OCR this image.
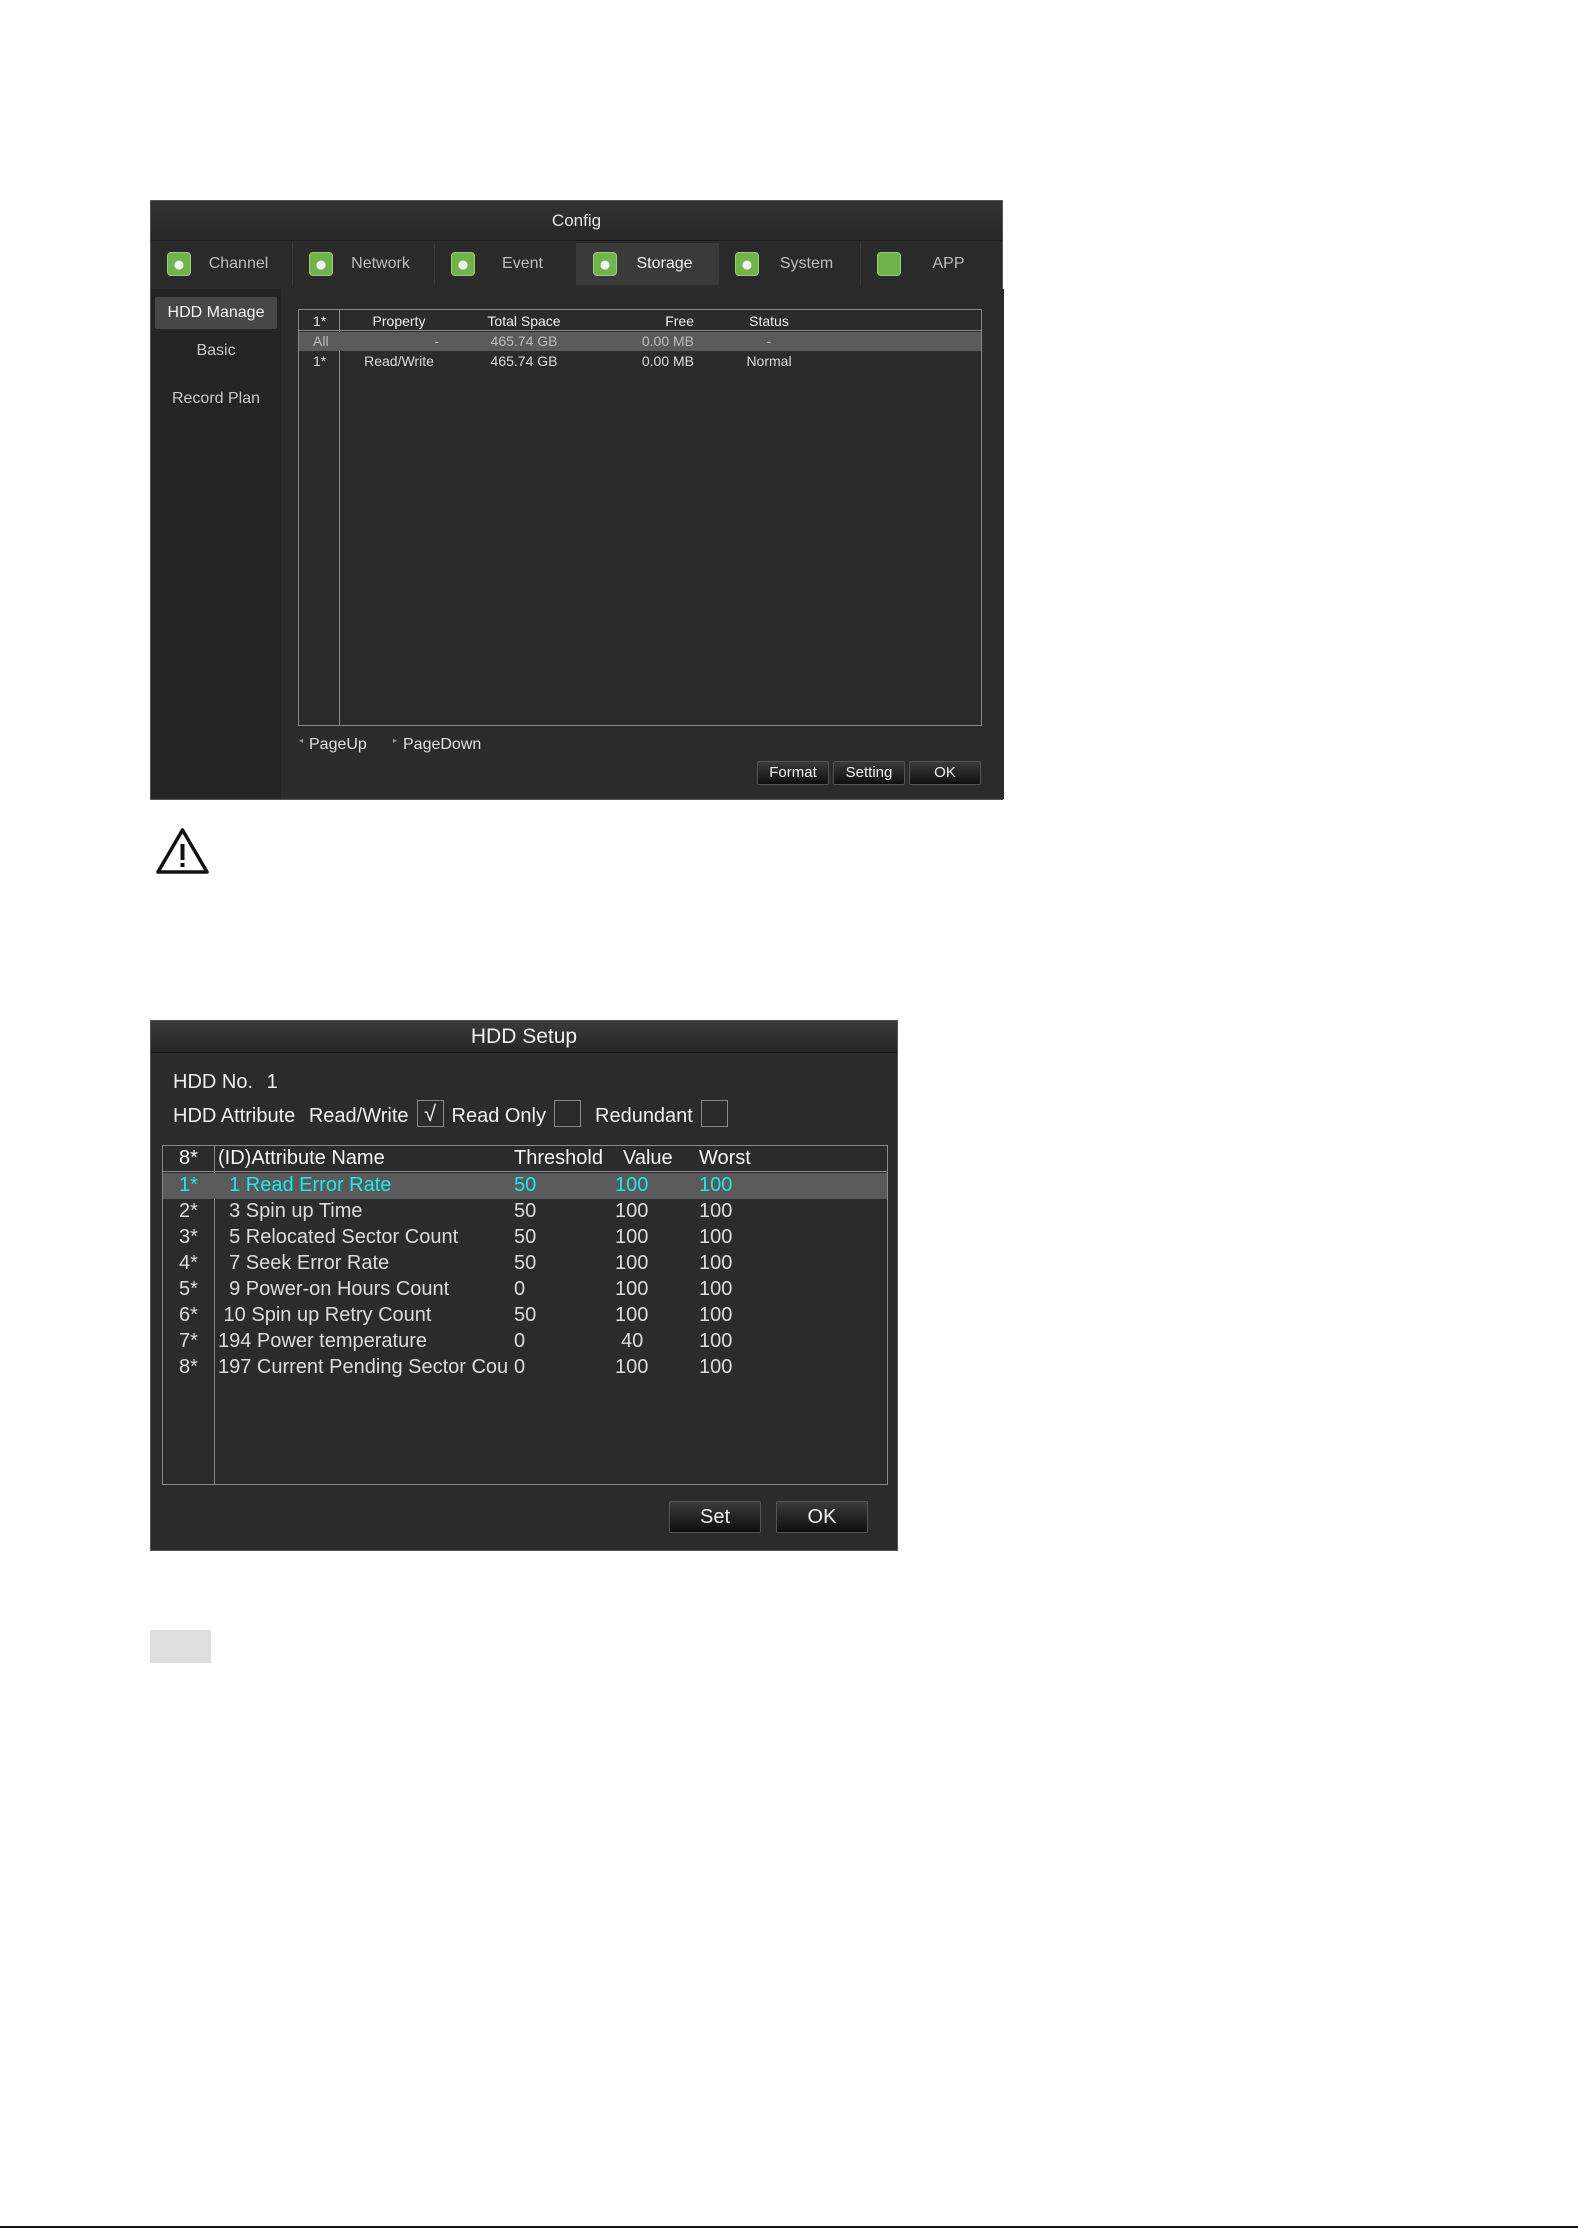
Config
Channel	Network	Event	Storage	System	APP
HDD Manage
Basic
Record Plan
1*	Property	Total Space	Free	Status
All	-	465.74 GB	0.00 MB	-
1*	Read/Write	465.74 GB	0.00 MB	Normal
◂ PageUp	▸ PageDown
Format	Setting	OK
HDD Setup
HDD No. 1
HDD Attribute Read/Write √ Read Only Redundant
8* (ID)Attribute Name	Threshold Value Worst
1* 1 Read Error Rate	50	100	100
2* 3 Spin up Time	50	100	100
3* 5 Relocated Sector Count	50	100	100
4* 7 Seek Error Rate	50	100	100
5* 9 Power-on Hours Count	0	100	100
6* 10 Spin up Retry Count	50	100	100
7* 194 Power temperature	0	40	100
8* 197 Current Pending Sector Cou 0	100	100
Set	OK
